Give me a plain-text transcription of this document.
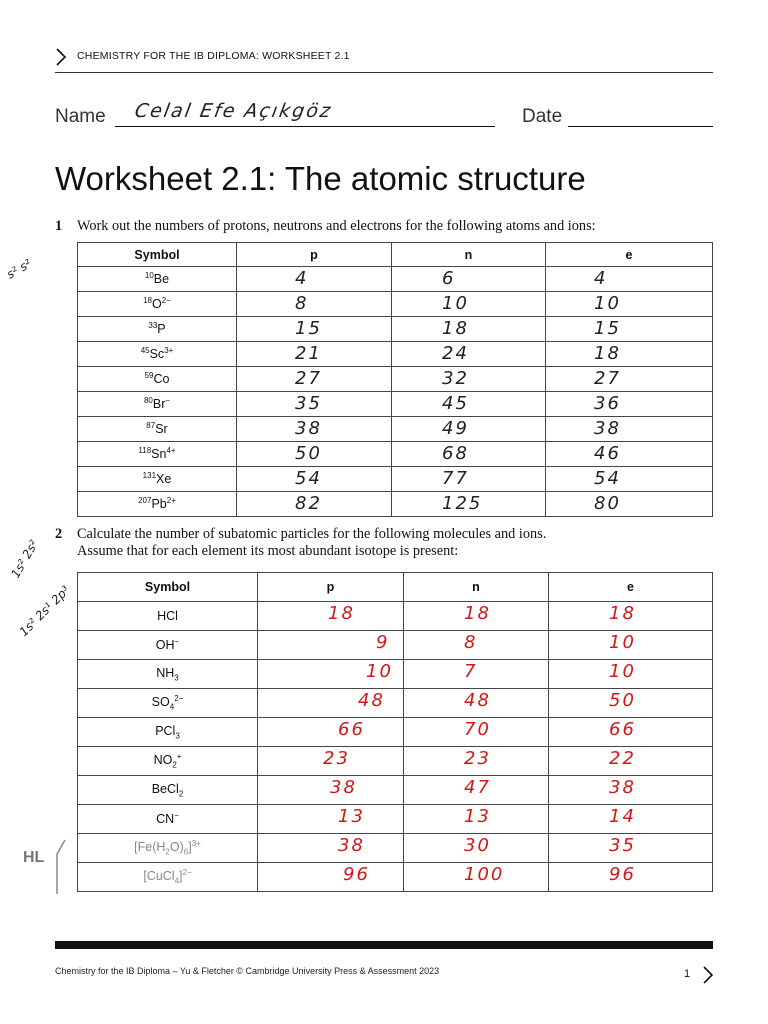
CHEMISTRY FOR THE IB DIPLOMA: WORKSHEET 2.1
Name Celal Efe Açıkgöz	Date
Worksheet 2.1: The atomic structure
1 Work out the numbers of protons, neutrons and electrons for the following atoms and ions:
Symbol	p	n	e
$^{10}$Be	4	6	4

$^{18}O^{2-}$	8	10	10

$^{33}$P	15	18	15

$^{45}Sc^{3+}$	21	24	18

$^{59}$Co	27	32	27

$^{80}$Br−	35	45	36

$^{87}$Sr	38	49	38

$^{118}Sn^{4+}$	50	68	46

$^{131}$Xe	54	77	54

$^{207}Pb^{2+}$	82	125	80
2 Calculate the number of subatomic particles for the following molecules and ions.
Assume that for each element its most abundant isotope is present:
Symbol	p	n	e
HCl	18	18	18

OH−	9	8	10

$NH_3$	10	7	10

$SO_4^{2-}$	48	48	50

PCl$_3$	66	70	66

$NO_2^+$	23	23	22

BeCl$_2$	38	47	38

CN−	13	13	14

$[Fe(H_2O)_6]^{3+}$	38	30	35

[CuCl$_4$]$^{2-}$	96	100	96
s² s²
1s² 2s²
1s² 2s¹ 2p³
HL
Chemistry for the IB Diploma – Yu & Fletcher © Cambridge University Press & Assessment 2023	1
